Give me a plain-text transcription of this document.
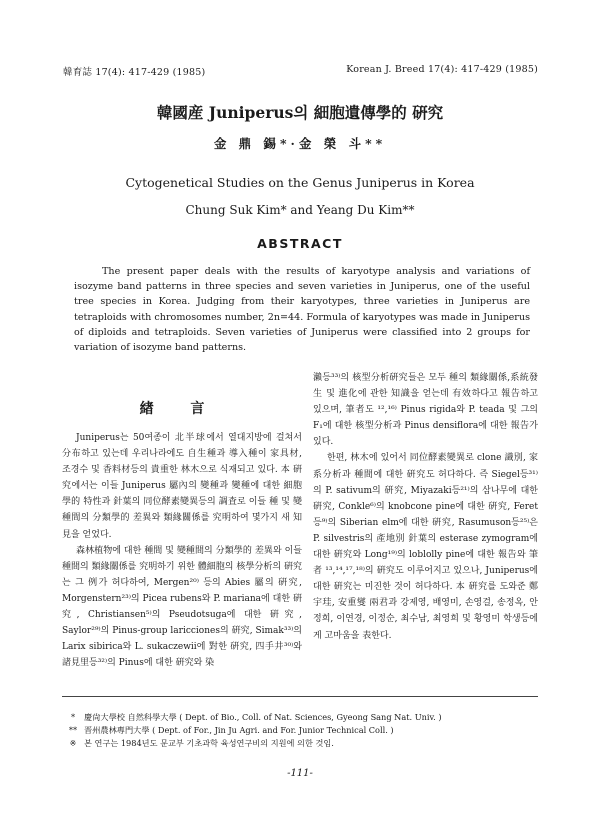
韓育誌 17(4): 417-429 (1985)	Korean J. Breed 17(4): 417-429 (1985)
韓國産 Juniperus의 細胞遺傳學的 硏究
金 鼎 錫*·金 榮 斗**
Cytogenetical Studies on the Genus Juniperus in Korea
Chung Suk Kim* and Yeang Du Kim**
ABSTRACT
The present paper deals with the results of karyotype analysis and variations of isozyme band patterns in three species and seven varieties in Juniperus, one of the useful tree species in Korea. Judging from their karyotypes, three varieties in Juniperus are tetraploids with chromosomes number, 2n=44. Formula of karyotypes was made in Juniperus of diploids and tetraploids. Seven varieties of Juniperus were classified into 2 groups for variation of isozyme band patterns.
緖 言

Juniperus는 50여종이 北半球에서 열대지방에 걸쳐서 分布하고 있는데 우리나라에도 自生種과 導入種이 家具材, 조경수 및 香料材등의 貴重한 林木으로 식재되고 있다. 本 硏究에서는 이들 Juniperus 屬內의 變種과 變種에 대한 細胞學的 特性과 針葉의 同位酵素變異등의 調査로 이들 種 및 變種間의 分類學的 差異와 類緣關係를 究明하여 몇가지 새 知見을 얻었다.

森林植物에 대한 種間 및 變種間의 分類學的 差異와 이들 種間의 類緣關係를 究明하기 위한 體細胞의 核學分析의 硏究는 그 例가 허다하여, Mergen²⁰⁾ 등의 Abies 屬의 硏究, Morgenstern²³⁾의 Picea rubens와 P. mariana에 대한 硏究, Christiansen⁵⁾의 Pseudotsuga에 대한 硏究, Saylor²⁹⁾의 Pinus-group laricciones의 硏究, Simak³³⁾의 Larix sibirica와 L. sukaczewii에 對한 硏究, 四手井³⁰⁾와 諸見里등³²⁾의 Pinus에 대한 硏究와 染

瀨등³³⁾의 核型分析硏究들은 모두 種의 類緣關係,系統發生 및 進化에 관한 知識을 얻는데 有效하다고 報告하고 있으며, 筆者도 ¹²,¹⁶⁾ Pinus rigida와 P. teada 및 그의 F₁에 대한 核型分析과 Pinus densiflora에 대한 報告가 있다.

한편, 林木에 있어서 同位酵素變異로 clone 識別, 家系分析과 種間에 대한 硏究도 허다하다. 즉 Siegel등³¹⁾의 P. sativum의 硏究, Miyazaki등²¹⁾의 삼나무에 대한 硏究, Conkle⁶⁾의 knobcone pine에 대한 硏究, Feret등⁹⁾의 Siberian elm에 대한 硏究, Rasumuson등²⁵⁾은 P. silvestris의 產地別 針葉의 esterase zymogram에 대한 硏究와 Long¹⁹⁾의 loblolly pine에 대한 報告와 筆者 ¹³,¹⁴,¹⁷,¹⁸⁾의 硏究도 이루어지고 있으나, Juniperus에 대한 硏究는 미진한 것이 허다하다. 本 硏究를 도와준 鄭宇珪, 安重燮 兩君과 강제영, 배영미, 손영걸, 송정옥, 안정희, 이연경, 이정순, 최수남, 최영희 및 황영미 학생등에게 고마움을 表한다.

* 慶尙大學校 自然科學大學 ( Dept. of Bio., Coll. of Nat. Sciences, Gyeong Sang Nat. Univ. )
** 晋州農林專門大學 ( Dept. of For., Jin Ju Agri. and For. Junior Technical Coll. )
※ 본 연구는 1984년도 문교부 기초과학 육성연구비의 지원에 의한 것임.
-111-
